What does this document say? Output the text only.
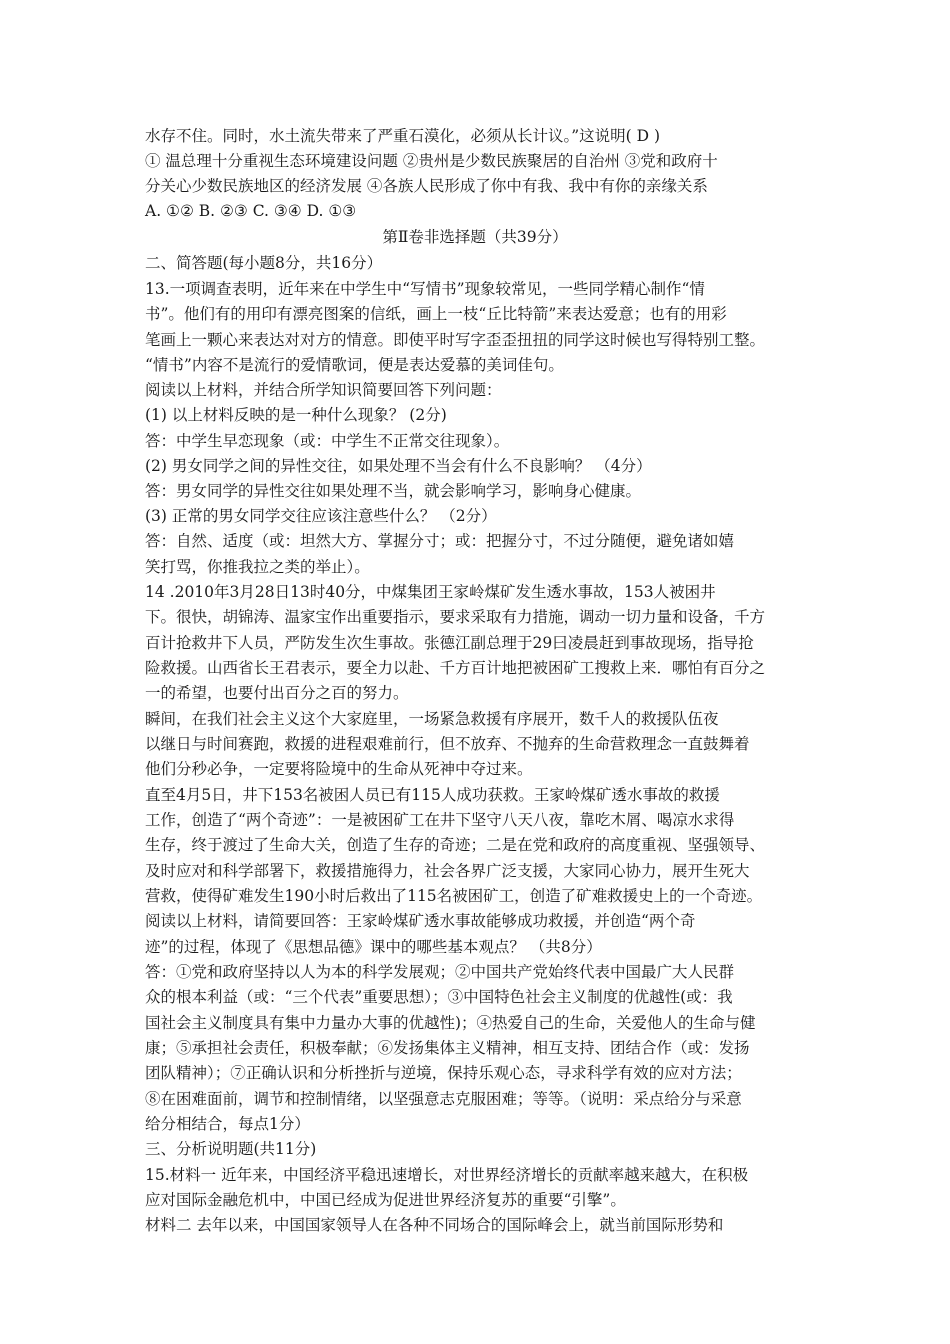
水存不住。同时，水土流失带来了严重石漠化，必须从长计议。”这说明( D )
① 温总理十分重视生态环境建设问题 ②贵州是少数民族聚居的自治州 ③党和政府十
分关心少数民族地区的经济发展 ④各族人民形成了你中有我、我中有你的亲缘关系
A. ①② B. ②③ C. ③④ D. ①③
第Ⅱ卷非选择题（共39分）
二、简答题(每小题8分，共16分）
13.一项调查表明，近年来在中学生中“写情书”现象较常见，一些同学精心制作“情
书”。他们有的用印有漂亮图案的信纸，画上一枝“丘比特箭”来表达爱意；也有的用彩
笔画上一颗心来表达对对方的情意。即使平时写字歪歪扭扭的同学这时候也写得特别工整。
“情书”内容不是流行的爱情歌词，便是表达爱慕的美词佳句。
阅读以上材料，并结合所学知识简要回答下列问题：
(1) 以上材料反映的是一种什么现象？ (2分)
答：中学生早恋现象（或：中学生不正常交往现象）。
(2) 男女同学之间的异性交往，如果处理不当会有什么不良影响？ （4分）
答：男女同学的异性交往如果处理不当，就会影响学习，影响身心健康。
(3) 正常的男女同学交往应该注意些什么？ （2分）
答：自然、适度（或：坦然大方、掌握分寸；或：把握分寸，不过分随便，避免诸如嬉
笑打骂，你推我拉之类的举止）。
14 .2010年3月28日13时40分，中煤集团王家岭煤矿发生透水事故，153人被困井
下。很快，胡锦涛、温家宝作出重要指示，要求采取有力措施，调动一切力量和设备，千方
百计抢救井下人员，严防发生次生事故。张德江副总理于29曰凌晨赶到事故现场，指导抢
险救援。山西省长王君表示，要全力以赴、千方百计地把被困矿工搜救上来．哪怕有百分之
一的希望，也要付出百分之百的努力。
瞬间，在我们社会主义这个大家庭里，一场紧急救援有序展开，数千人的救援队伍夜
以继日与时间赛跑，救援的进程艰难前行，但不放弃、不抛弃的生命营救理念一直鼓舞着
他们分秒必争，一定要将险境中的生命从死神中夺过来。
直至4月5日，井下153名被困人员已有115人成功获救。王家岭煤矿透水事故的救援
工作，创造了“两个奇迹”：一是被困矿工在井下坚守八天八夜，靠吃木屑、喝凉水求得
生存，终于渡过了生命大关，创造了生存的奇迹；二是在党和政府的高度重视、坚强领导、
及时应对和科学部署下，救援措施得力，社会各界广泛支援，大家同心协力，展开生死大
营救，使得矿难发生190小时后救出了115名被困矿工，创造了矿难救援史上的一个奇迹。
阅读以上材料，请简要回答：王家岭煤矿透水事故能够成功救援，并创造“两个奇
迹”的过程，体现了《思想品德》课中的哪些基本观点？ （共8分）
答：①党和政府坚持以人为本的科学发展观；②中国共产党始终代表中国最广大人民群
众的根本利益（或：“三个代表”重要思想）；③中国特色社会主义制度的优越性(或：我
国社会主义制度具有集中力量办大事的优越性)；④热爱自己的生命，关爱他人的生命与健
康；⑤承担社会责任，积极奉献；⑥发扬集体主义精神，相互支持、团结合作（或：发扬
团队精神）；⑦正确认识和分析挫折与逆境，保持乐观心态，寻求科学有效的应对方法；
⑧在困难面前，调节和控制情绪，以坚强意志克服困难；等等。（说明：采点给分与采意
给分相结合，每点1分）
三、分析说明题(共11分)
15.材料一 近年来，中国经济平稳迅速增长，对世界经济增长的贡献率越来越大，在积极
应对国际金融危机中，中国已经成为促进世界经济复苏的重要“引擎”。
材料二 去年以来，中国国家领导人在各种不同场合的国际峰会上，就当前国际形势和
